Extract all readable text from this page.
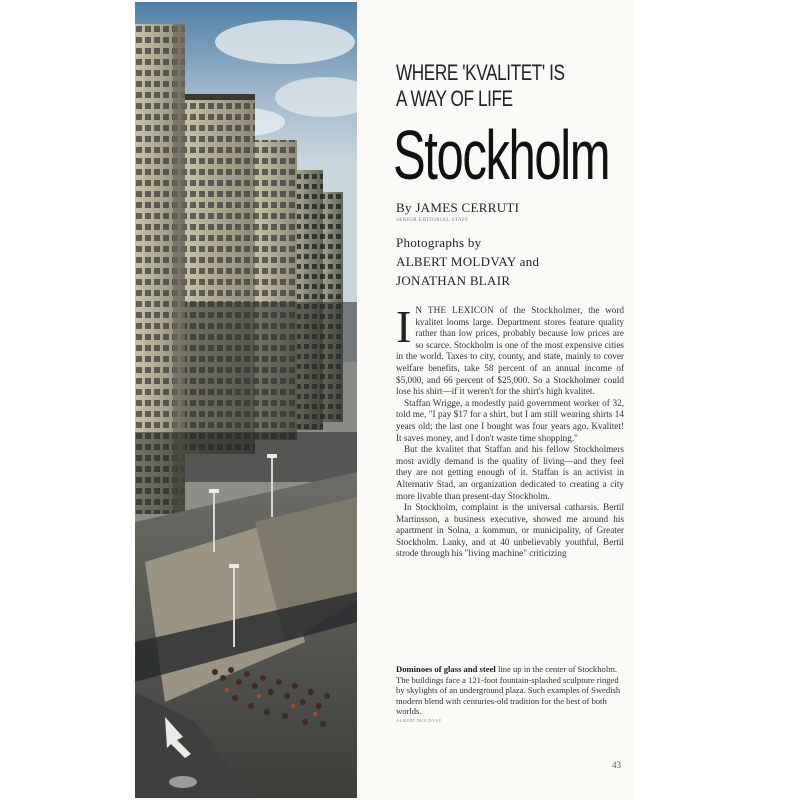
WHERE 'KVALITET' IS
A WAY OF LIFE
Stockholm
By JAMES CERRUTI
SENIOR EDITORIAL STAFF
Photographs by
ALBERT MOLDVAY and
JONATHAN BLAIR

I N THE LEXICON of the Stockholmer, the word kvalitet looms large. Department stores feature quality rather than low prices, probably because low prices are so scarce. Stockholm is one of the most expensive cities in the world. Taxes to city, county, and state, mainly to cover welfare benefits, take 58 percent of an annual income of $5,000, and 66 percent of $25,000. So a Stockholmer could lose his shirt—if it weren't for the shirt's high kvalitet.

Staffan Wrigge, a modestly paid government worker of 32, told me, "I pay $17 for a shirt, but I am still wearing shirts 14 years old; the last one I bought was four years ago. Kvalitet! It saves money, and I don't waste time shopping."

But the kvalitet that Staffan and his fellow Stockholmers most avidly demand is the quality of living—and they feel they are not getting enough of it. Staffan is an activist in Alternativ Stad, an organization dedicated to creating a city more livable than present-day Stockholm.

In Stockholm, complaint is the universal catharsis. Bertil Martinsson, a business executive, showed me around his apartment in Solna, a kommun, or municipality, of Greater Stockholm. Lanky, and at 40 unbelievably youthful, Bertil strode through his "living machine" criticizing

Dominoes of glass and steel line up in the center of Stockholm. The buildings face a 121-foot fountain-splashed sculpture ringed by skylights of an underground plaza. Such examples of Swedish modern blend with centuries-old tradition for the best of both worlds.
ALBERT MOLDVAY
43
